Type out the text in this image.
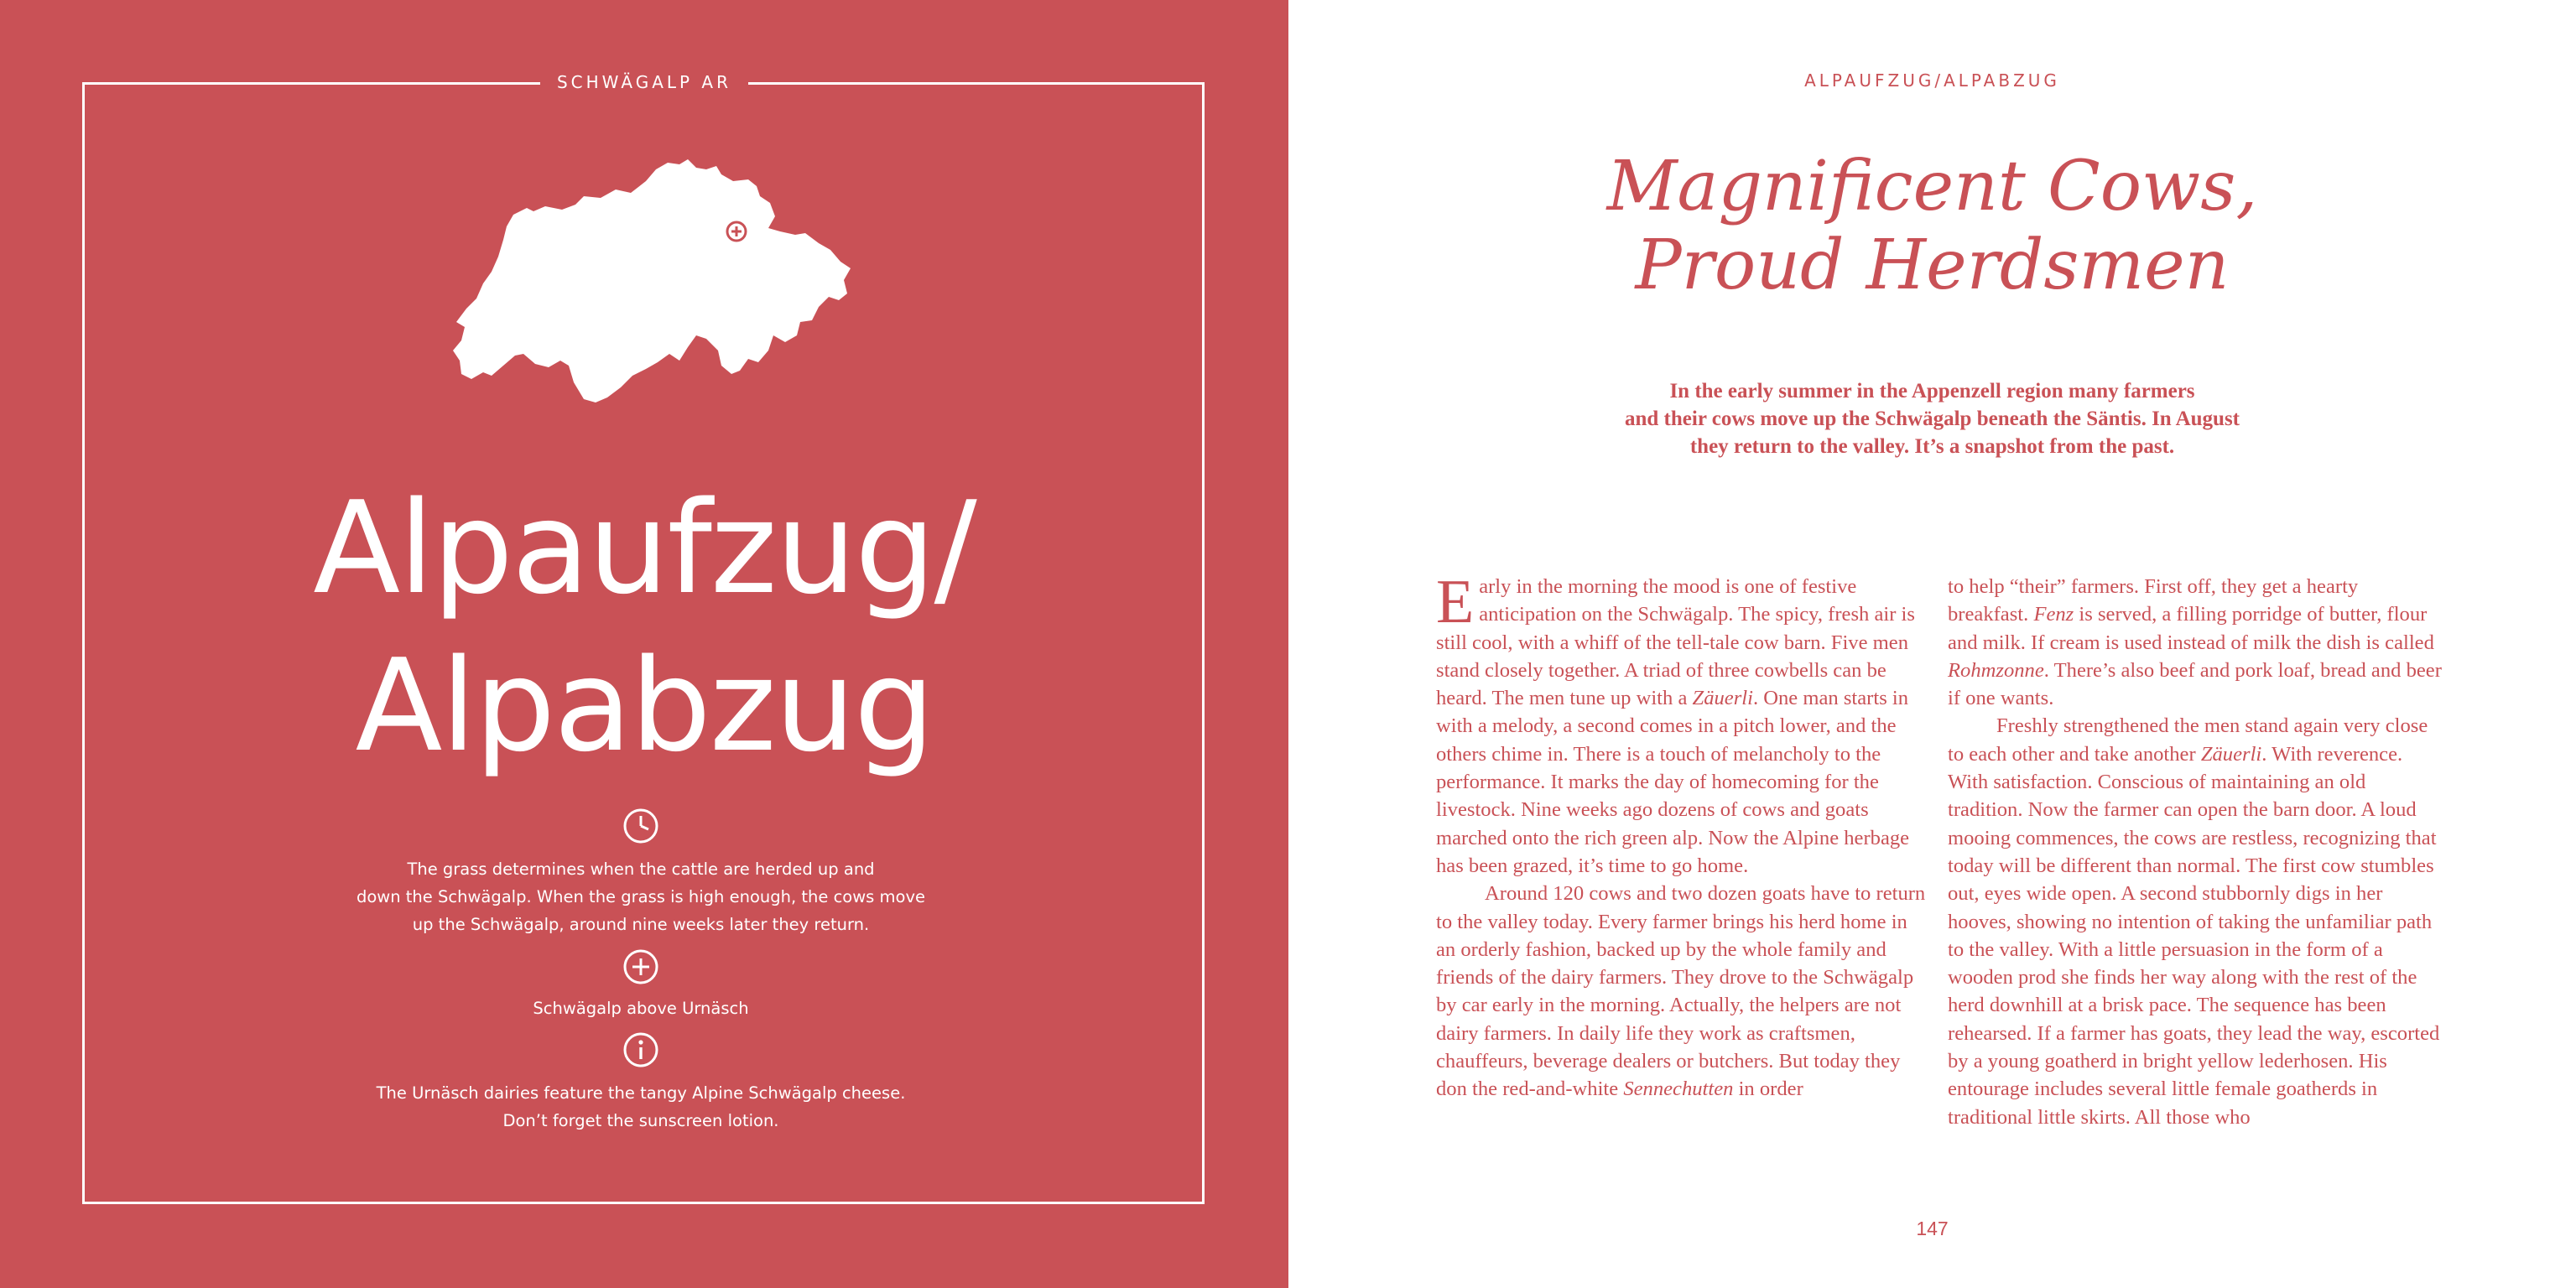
SCHWÄGALP AR
Alpaufzug/
Alpabzug
The grass determines when the cattle are herded up and
down the Schwägalp. When the grass is high enough, the cows move
up the Schwägalp, around nine weeks later they return.
Schwägalp above Urnäsch
The Urnäsch dairies feature the tangy Alpine Schwägalp cheese.
Don’t forget the sunscreen lotion.
ALPAUFZUG/ALPABZUG
Magnificent Cows,
Proud Herdsmen
In the early summer in the Appenzell region many farmers
and their cows move up the Schwägalp beneath the Säntis. In August
they return to the valley. It’s a snapshot from the past.

Early in the morning the mood is one of festive anticipation on the Schwägalp. The spicy, fresh air is still cool, with a whiff of the tell-tale cow barn. Five men stand closely together. A triad of three cowbells can be heard. The men tune up with a Zäuerli. One man starts in with a melody, a second comes in a pitch lower, and the others chime in. There is a touch of melancholy to the performance. It marks the day of homecoming for the livestock. Nine weeks ago dozens of cows and goats marched onto the rich green alp. Now the Alpine herbage has been grazed, it’s time to go home.

Around 120 cows and two dozen goats have to return to the valley today. Every farmer brings his herd home in an orderly fashion, backed up by the whole family and friends of the dairy farmers. They drove to the Schwägalp by car early in the morning. Actually, the helpers are not dairy farmers. In daily life they work as craftsmen, chauffeurs, beverage dealers or butchers. But today they don the red-and-white Sennechutten in order

to help “their” farmers. First off, they get a hearty breakfast. Fenz is served, a filling porridge of butter, flour and milk. If cream is used instead of milk the dish is called Rohmzonne. There’s also beef and pork loaf, bread and beer if one wants.

Freshly strengthened the men stand again very close to each other and take another Zäuerli. With reverence. With satisfaction. Conscious of maintaining an old tradition. Now the farmer can open the barn door. A loud mooing commences, the cows are restless, recognizing that today will be different than normal. The first cow stumbles out, eyes wide open. A second stubbornly digs in her hooves, showing no intention of taking the unfamiliar path to the valley. With a little persuasion in the form of a wooden prod she finds her way along with the rest of the herd downhill at a brisk pace. The sequence has been rehearsed. If a farmer has goats, they lead the way, escorted by a young goatherd in bright yellow lederhosen. His entourage includes several little female goatherds in traditional little skirts. All those who

147
